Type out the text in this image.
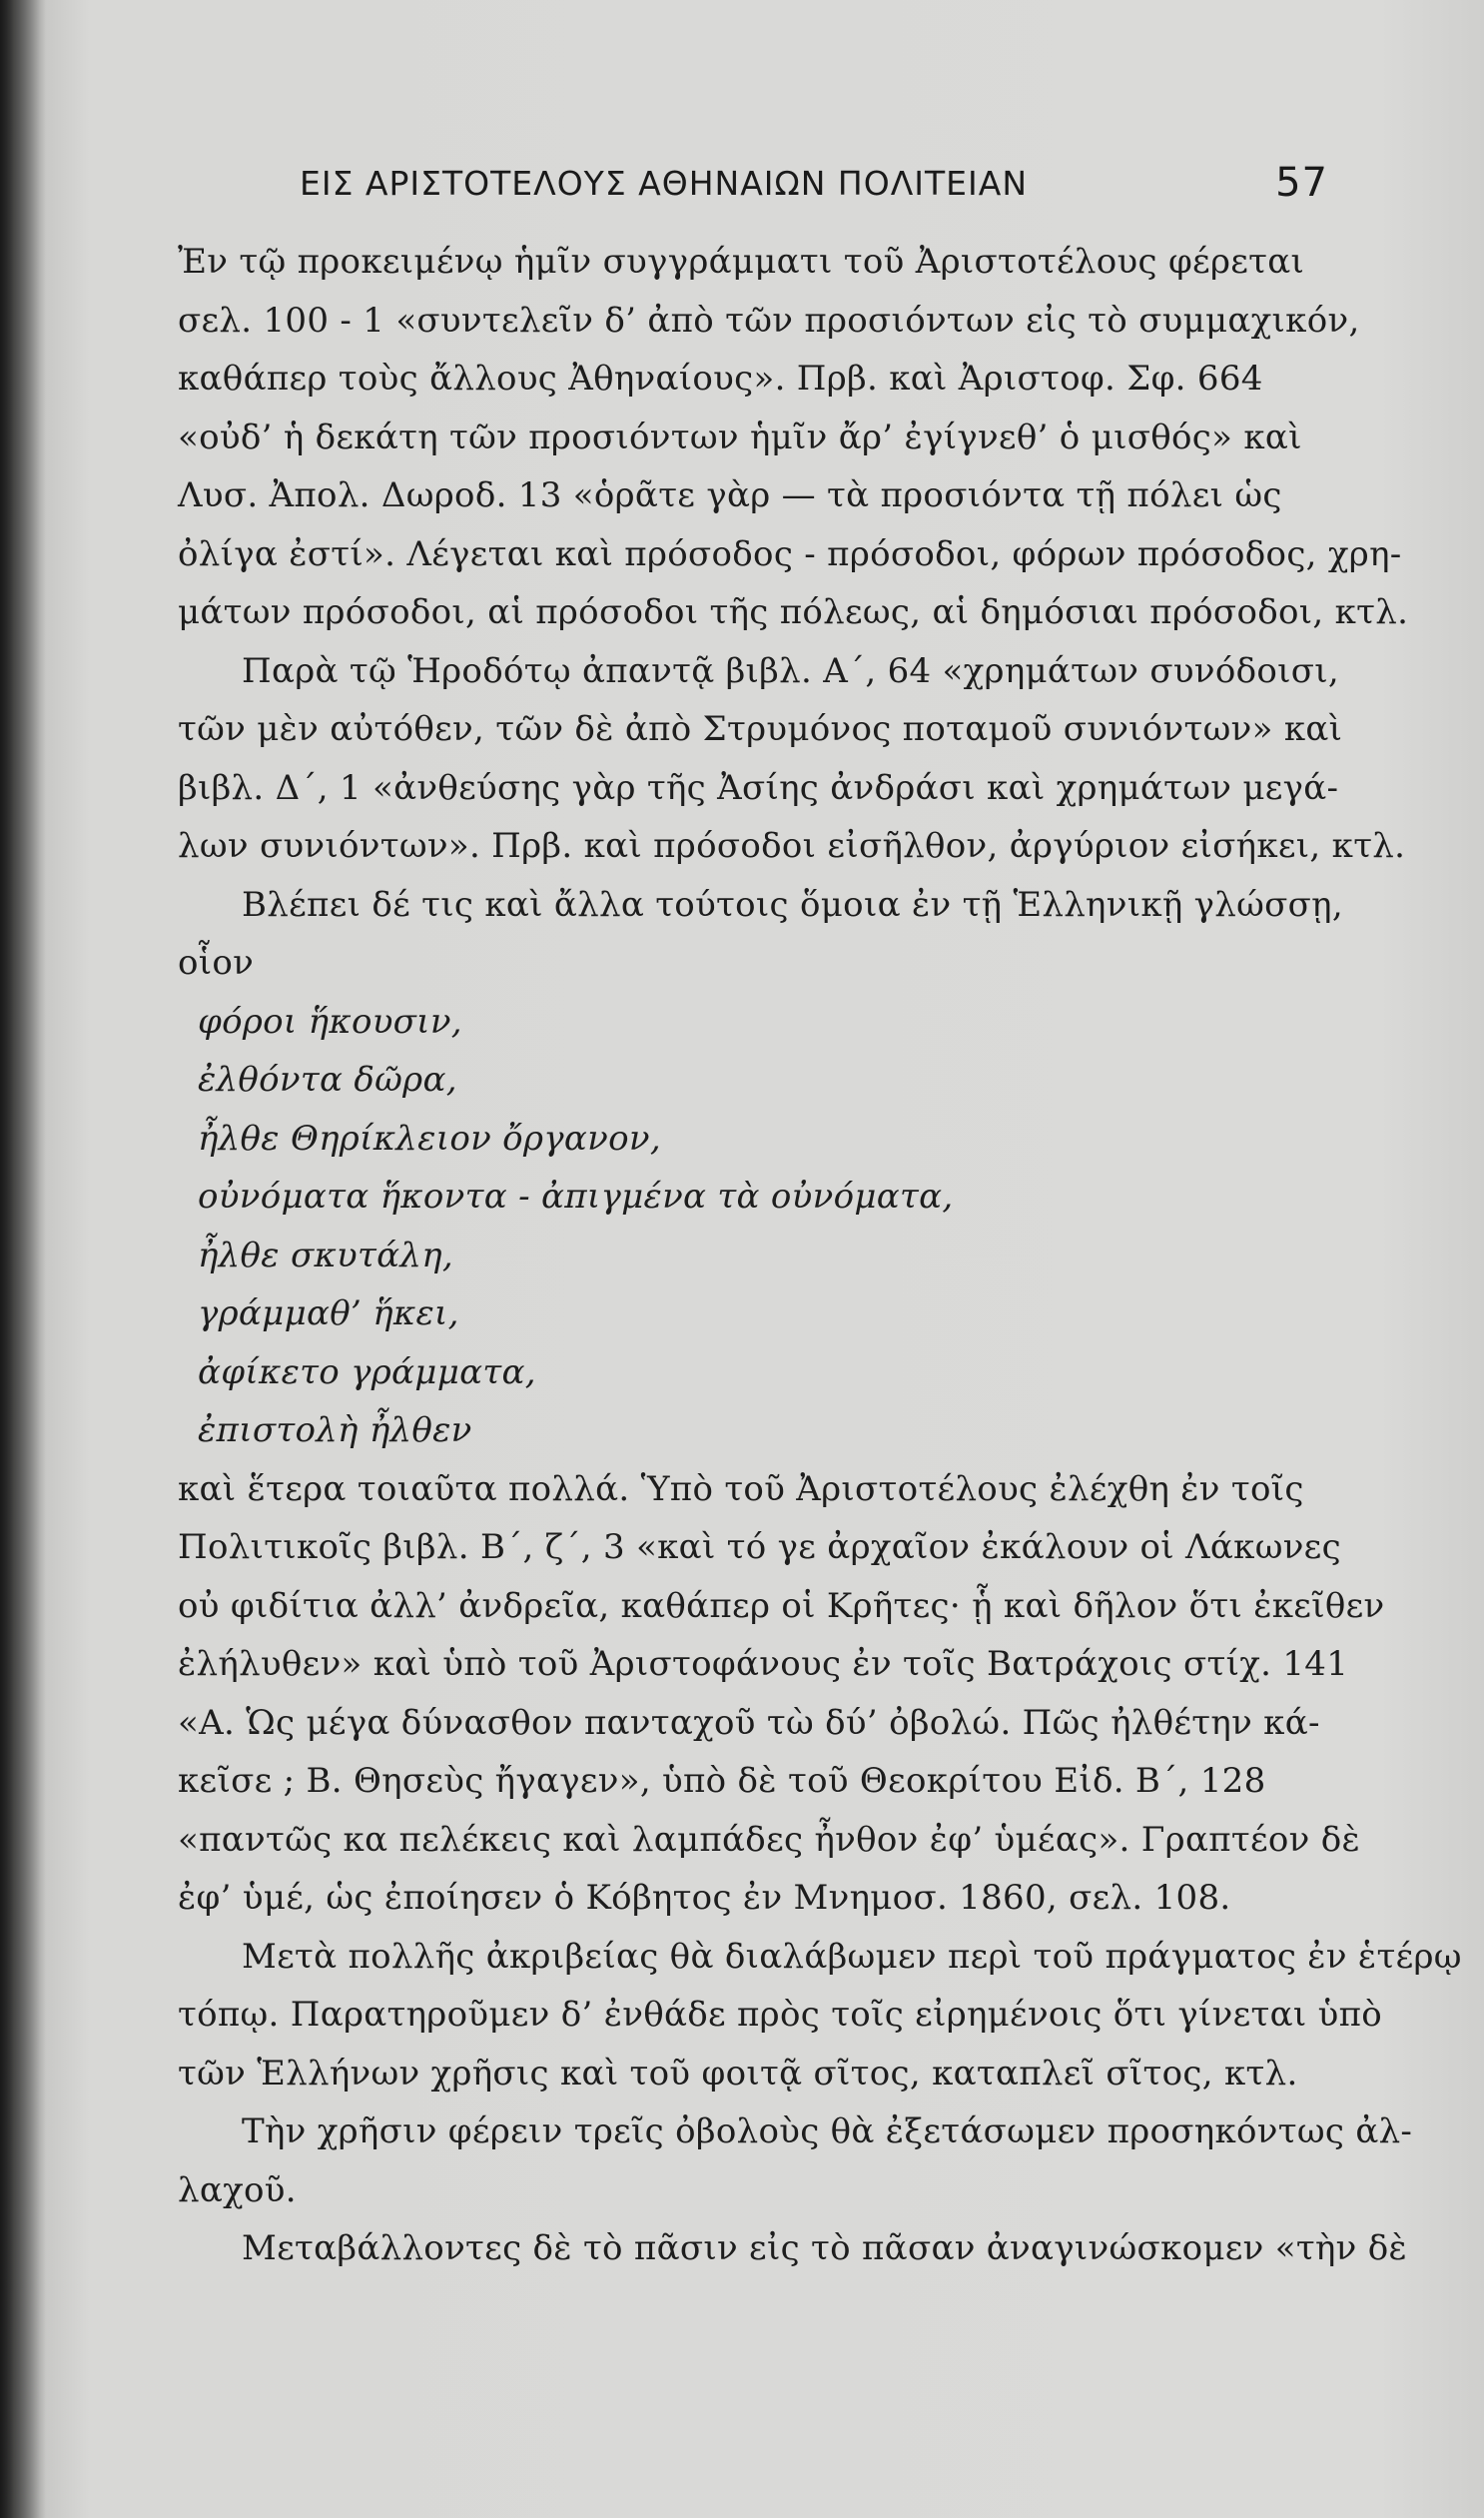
ΕΙΣ ΑΡΙΣΤΟΤΕΛΟΥΣ ΑΘΗΝΑΙΩΝ ΠΟΛΙΤΕΙΑΝ	57
Ἐν τῷ προκειμένῳ ἡμῖν συγγράμματι τοῦ Ἀριστοτέλους φέρεται
σελ. 100 - 1 «συντελεῖν δ’ ἀπὸ τῶν προσιόντων εἰς τὸ συμμαχικόν,
καθάπερ τοὺς ἄλλους Ἀθηναίους». Πρβ. καὶ Ἀριστοφ. Σφ. 664
«οὐδ’ ἡ δεκάτη τῶν προσιόντων ἡμῖν ἄρ’ ἐγίγνεθ’ ὁ μισθός» καὶ
Λυσ. Ἀπολ. Δωροδ. 13 «ὁρᾶτε γὰρ — τὰ προσιόντα τῇ πόλει ὡς
ὀλίγα ἐστί». Λέγεται καὶ πρόσοδος - πρόσοδοι, φόρων πρόσοδος, χρη-
μάτων πρόσοδοι, αἱ πρόσοδοι τῆς πόλεως, αἱ δημόσιαι πρόσοδοι, κτλ.
Παρὰ τῷ Ἡροδότῳ ἀπαντᾷ βιβλ. Α΄, 64 «χρημάτων συνόδοισι,
τῶν μὲν αὐτόθεν, τῶν δὲ ἀπὸ Στρυμόνος ποταμοῦ συνιόντων» καὶ
βιβλ. Δ΄, 1 «ἀνθεύσης γὰρ τῆς Ἀσίης ἀνδράσι καὶ χρημάτων μεγά-
λων συνιόντων». Πρβ. καὶ πρόσοδοι εἰσῆλθον, ἀργύριον εἰσήκει, κτλ.
Βλέπει δέ τις καὶ ἄλλα τούτοις ὅμοια ἐν τῇ Ἑλληνικῇ γλώσσῃ,
οἷον
φόροι ἥκουσιν,
ἐλθόντα δῶρα,
ἦλθε Θηρίκλειον ὄργανον,
οὐνόματα ἥκοντα - ἀπιγμένα τὰ οὐνόματα,
ἦλθε σκυτάλη,
γράμμαθ’ ἥκει,
ἀφίκετο γράμματα,
ἐπιστολὴ ἦλθεν
καὶ ἕτερα τοιαῦτα πολλά. Ὑπὸ τοῦ Ἀριστοτέλους ἐλέχθη ἐν τοῖς
Πολιτικοῖς βιβλ. Β΄, ζ΄, 3 «καὶ τό γε ἀρχαῖον ἐκάλουν οἱ Λάκωνες
οὐ φιδίτια ἀλλ’ ἀνδρεῖα, καθάπερ οἱ Κρῆτες· ᾗ καὶ δῆλον ὅτι ἐκεῖθεν
ἐλήλυθεν» καὶ ὑπὸ τοῦ Ἀριστοφάνους ἐν τοῖς Βατράχοις στίχ. 141
«Α. Ὡς μέγα δύνασθον πανταχοῦ τὼ δύ’ ὀβολώ. Πῶς ἠλθέτην κά-
κεῖσε ; Β. Θησεὺς ἤγαγεν», ὑπὸ δὲ τοῦ Θεοκρίτου Εἰδ. Β΄, 128
«παντῶς κα πελέκεις καὶ λαμπάδες ἦνθον ἐφ’ ὑμέας». Γραπτέον δὲ
ἐφ’ ὑμέ, ὡς ἐποίησεν ὁ Κόβητος ἐν Μνημοσ. 1860, σελ. 108.
Μετὰ πολλῆς ἀκριβείας θὰ διαλάβωμεν περὶ τοῦ πράγματος ἐν ἑτέρῳ
τόπῳ. Παρατηροῦμεν δ’ ἐνθάδε πρὸς τοῖς εἰρημένοις ὅτι γίνεται ὑπὸ
τῶν Ἑλλήνων χρῆσις καὶ τοῦ φοιτᾷ σῖτος, καταπλεῖ σῖτος, κτλ.
Τὴν χρῆσιν φέρειν τρεῖς ὀβολοὺς θὰ ἐξετάσωμεν προσηκόντως ἀλ-
λαχοῦ.
Μεταβάλλοντες δὲ τὸ πᾶσιν εἰς τὸ πᾶσαν ἀναγινώσκομεν «τὴν δὲ
